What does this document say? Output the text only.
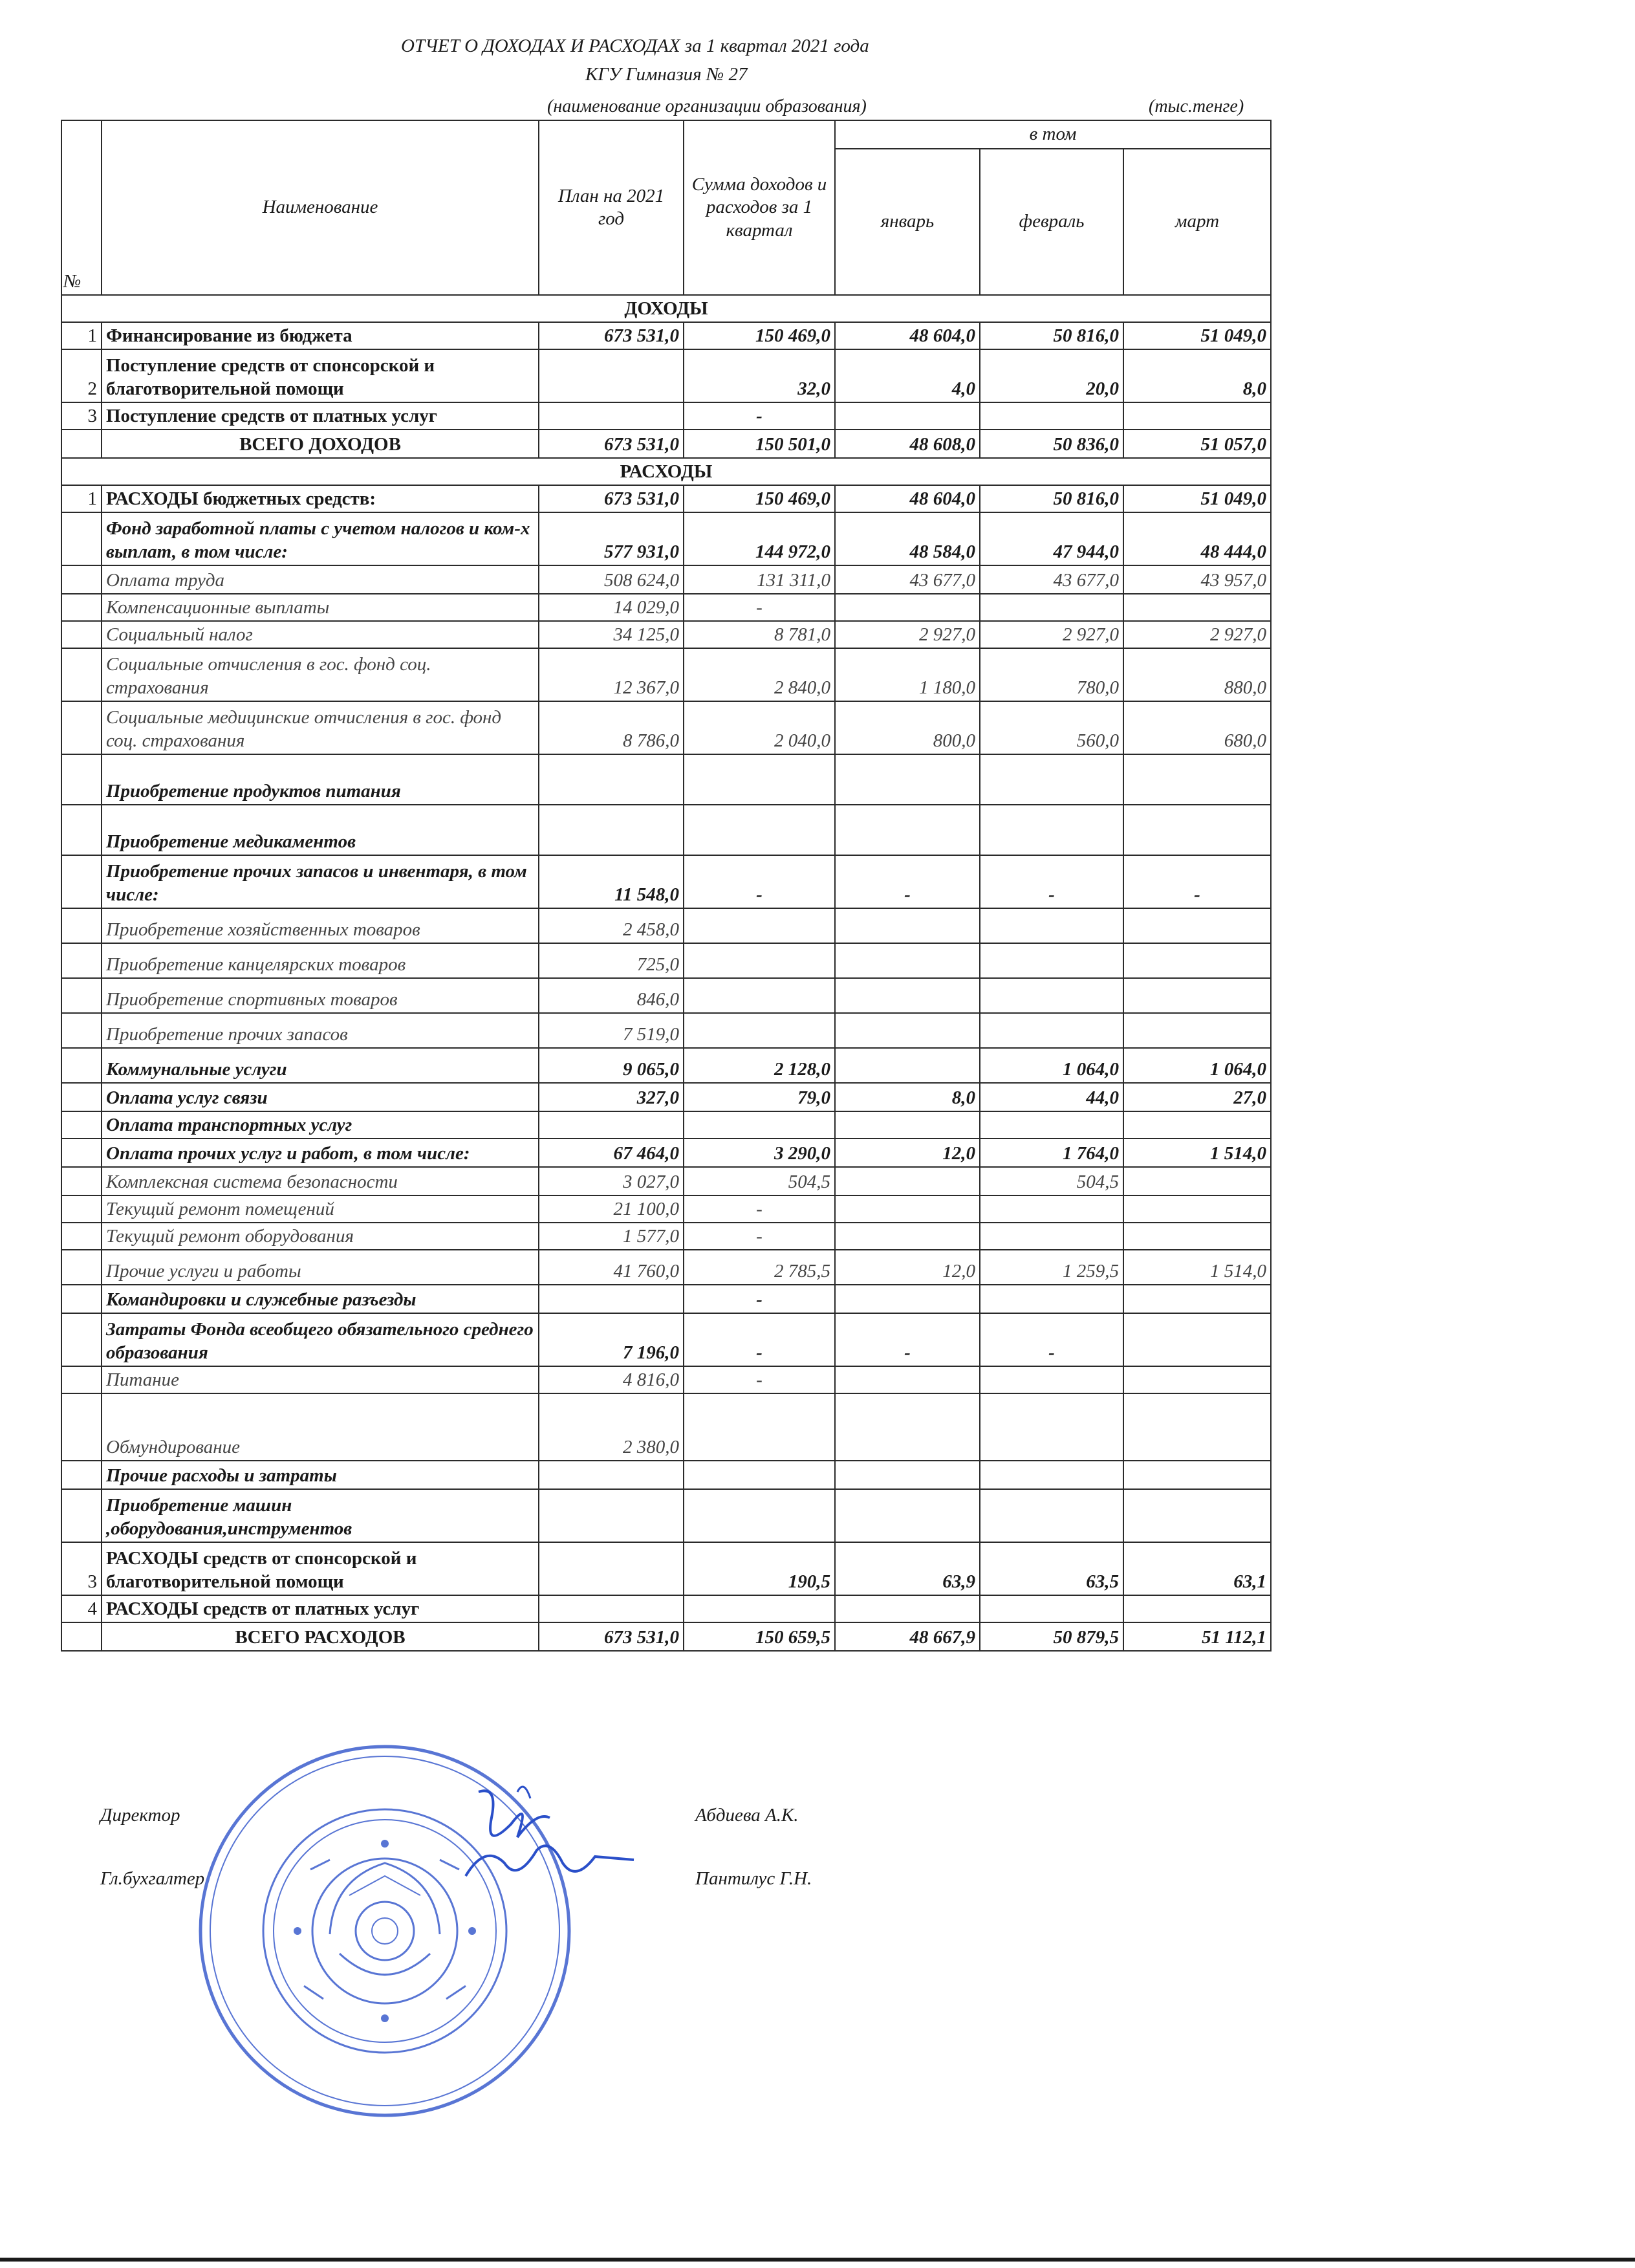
ОТЧЕТ О ДОХОДАХ И РАСХОДАХ за 1 квартал 2021 года
КГУ Гимназия № 27
(наименование организации образования)	(тыс.тенге)
№	Наименование	План на 2021 год	Сумма доходов и расходов за 1 квартал	в том		
				январь	февраль	март
ДОХОДЫ						
1	Финансирование из бюджета	673 531,0	150 469,0	48 604,0	50 816,0	51 049,0
2	Поступление средств от спонсорской и благотворительной помощи		32,0	4,0	20,0	8,0
3	Поступление средств от платных услуг		-			
	ВСЕГО ДОХОДОВ	673 531,0	150 501,0	48 608,0	50 836,0	51 057,0
РАСХОДЫ						
1	РАСХОДЫ бюджетных средств:	673 531,0	150 469,0	48 604,0	50 816,0	51 049,0
	Фонд заработной платы с учетом налогов и ком-х выплат, в том числе:	577 931,0	144 972,0	48 584,0	47 944,0	48 444,0
	Оплата труда	508 624,0	131 311,0	43 677,0	43 677,0	43 957,0
	Компенсационные выплаты	14 029,0	-			
	Социальный налог	34 125,0	8 781,0	2 927,0	2 927,0	2 927,0
	Социальные отчисления в гос. фонд соц. страхования	12 367,0	2 840,0	1 180,0	780,0	880,0
	Социальные медицинские отчисления в гос. фонд соц. страхования	8 786,0	2 040,0	800,0	560,0	680,0
	Приобретение продуктов питания					
	Приобретение медикаментов					
	Приобретение прочих запасов и инвентаря, в том числе:	11 548,0	-	-	-	-
	Приобретение хозяйственных товаров	2 458,0				
	Приобретение канцелярских товаров	725,0				
	Приобретение спортивных товаров	846,0				
	Приобретение прочих запасов	7 519,0				
	Коммунальные услуги	9 065,0	2 128,0		1 064,0	1 064,0
	Оплата услуг связи	327,0	79,0	8,0	44,0	27,0
	Оплата транспортных услуг					
	Оплата прочих услуг и работ, в том числе:	67 464,0	3 290,0	12,0	1 764,0	1 514,0
	Комплексная система безопасности	3 027,0	504,5		504,5	
	Текущий ремонт помещений	21 100,0	-			
	Текущий ремонт оборудования	1 577,0	-			
	Прочие услуги и работы	41 760,0	2 785,5	12,0	1 259,5	1 514,0
	Командировки и служебные разъезды		-			
	Затраты Фонда всеобщего обязательного среднего образования	7 196,0	-	-	-	
	Питание	4 816,0	-			
	Обмундирование	2 380,0				
	Прочие расходы и затраты					
	Приобретение машин ,оборудования,инструментов					
3	РАСХОДЫ средств от спонсорской и благотворительной помощи		190,5	63,9	63,5	63,1
4	РАСХОДЫ средств от платных услуг					
	ВСЕГО РАСХОДОВ	673 531,0	150 659,5	48 667,9	50 879,5	51 112,1
Директор	Абдиева А.К.
Гл.бухгалтер	Пантилус Г.Н.
